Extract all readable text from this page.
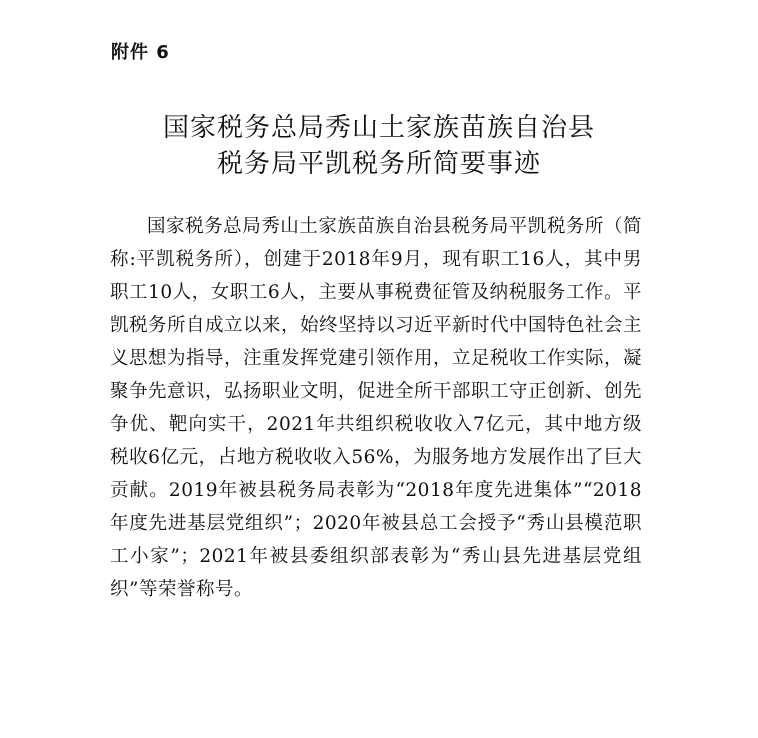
附件 6
国家税务总局秀山土家族苗族自治县
税务局平凯税务所简要事迹
国家税务总局秀山土家族苗族自治县税务局平凯税务所（简称:平凯税务所），创建于2018年9月，现有职工16人，其中男职工10人，女职工6人，主要从事税费征管及纳税服务工作。平凯税务所自成立以来，始终坚持以习近平新时代中国特色社会主义思想为指导，注重发挥党建引领作用，立足税收工作实际，凝聚争先意识，弘扬职业文明，促进全所干部职工守正创新、创先争优、靶向实干，2021年共组织税收收入7亿元，其中地方级税收6亿元，占地方税收收入56%，为服务地方发展作出了巨大贡献。2019年被县税务局表彰为“2018年度先进集体”“2018年度先进基层党组织”；2020年被县总工会授予“秀山县模范职工小家”；2021年被县委组织部表彰为“秀山县先进基层党组织”等荣誉称号。
